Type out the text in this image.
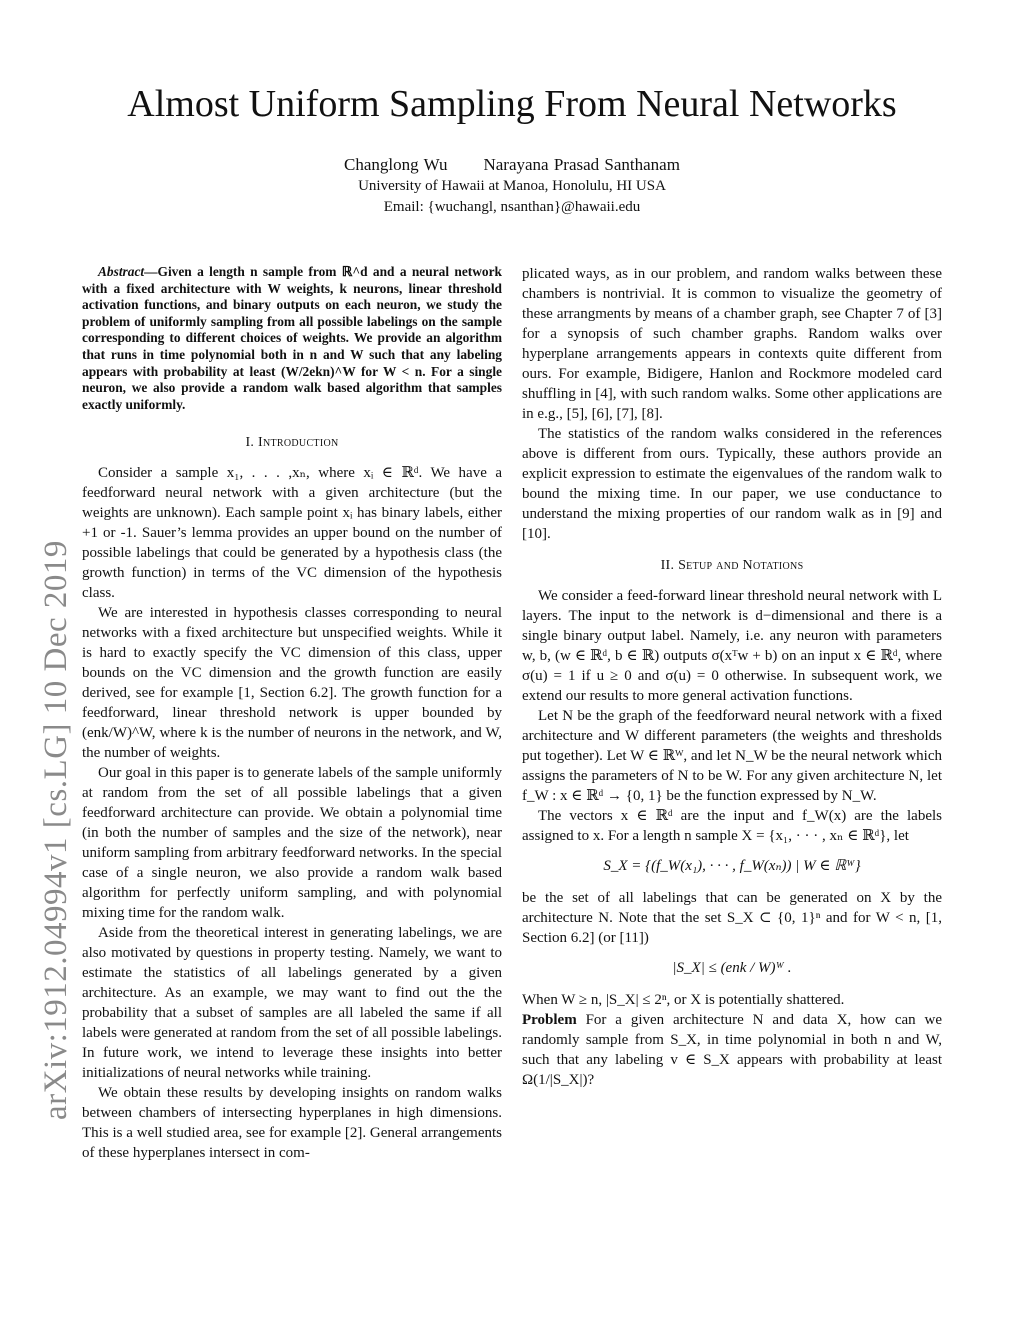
arXiv:1912.04994v1 [cs.LG] 10 Dec 2019
Almost Uniform Sampling From Neural Networks
Changlong Wu Narayana Prasad Santhanam
University of Hawaii at Manoa, Honolulu, HI USA
Email: {wuchangl, nsanthan}@hawaii.edu

Abstract—Given a length n sample from ℝ^d and a neural network with a fixed architecture with W weights, k neurons, linear threshold activation functions, and binary outputs on each neuron, we study the problem of uniformly sampling from all possible labelings on the sample corresponding to different choices of weights. We provide an algorithm that runs in time polynomial both in n and W such that any labeling appears with probability at least (W/2ekn)^W for W < n. For a single neuron, we also provide a random walk based algorithm that samples exactly uniformly.

I. Introduction

Consider a sample x₁, . . . ,xₙ, where xᵢ ∈ ℝᵈ. We have a feedforward neural network with a given architecture (but the weights are unknown). Each sample point xᵢ has binary labels, either +1 or -1. Sauer’s lemma provides an upper bound on the number of possible labelings that could be generated by a hypothesis class (the growth function) in terms of the VC dimension of the hypothesis class.

We are interested in hypothesis classes corresponding to neural networks with a fixed architecture but unspecified weights. While it is hard to exactly specify the VC dimension of this class, upper bounds on the VC dimension and the growth function are easily derived, see for example [1, Section 6.2]. The growth function for a feedforward, linear threshold network is upper bounded by (enk/W)^W, where k is the number of neurons in the network, and W, the number of weights.

Our goal in this paper is to generate labels of the sample uniformly at random from the set of all possible labelings that a given feedforward architecture can provide. We obtain a polynomial time (in both the number of samples and the size of the network), near uniform sampling from arbitrary feedforward networks. In the special case of a single neuron, we also provide a random walk based algorithm for perfectly uniform sampling, and with polynomial mixing time for the random walk.

Aside from the theoretical interest in generating labelings, we are also motivated by questions in property testing. Namely, we want to estimate the statistics of all labelings generated by a given architecture. As an example, we may want to find out the the probability that a subset of samples are all labeled the same if all labels were generated at random from the set of all possible labelings. In future work, we intend to leverage these insights into better initializations of neural networks while training.

We obtain these results by developing insights on random walks between chambers of intersecting hyperplanes in high dimensions. This is a well studied area, see for example [2]. General arrangements of these hyperplanes intersect in com-

plicated ways, as in our problem, and random walks between these chambers is nontrivial. It is common to visualize the geometry of these arrangments by means of a chamber graph, see Chapter 7 of [3] for a synopsis of such chamber graphs. Random walks over hyperplane arrangements appears in contexts quite different from ours. For example, Bidigere, Hanlon and Rockmore modeled card shuffling in [4], with such random walks. Some other applications are in e.g., [5], [6], [7], [8].

The statistics of the random walks considered in the references above is different from ours. Typically, these authors provide an explicit expression to estimate the eigenvalues of the random walk to bound the mixing time. In our paper, we use conductance to understand the mixing properties of our random walk as in [9] and [10].

II. Setup and Notations

We consider a feed-forward linear threshold neural network with L layers. The input to the network is d−dimensional and there is a single binary output label. Namely, i.e. any neuron with parameters w, b, (w ∈ ℝᵈ, b ∈ ℝ) outputs σ(xᵀw + b) on an input x ∈ ℝᵈ, where σ(u) = 1 if u ≥ 0 and σ(u) = 0 otherwise. In subsequent work, we extend our results to more general activation functions.

Let N be the graph of the feedforward neural network with a fixed architecture and W different parameters (the weights and thresholds put together). Let W ∈ ℝᵂ, and let N_W be the neural network which assigns the parameters of N to be W. For any given architecture N, let f_W : x ∈ ℝᵈ → {0, 1} be the function expressed by N_W.

The vectors x ∈ ℝᵈ are the input and f_W(x) are the labels assigned to x. For a length n sample X = {x₁, · · · , xₙ ∈ ℝᵈ}, let

S_X = {(f_W(x₁), · · · , f_W(xₙ)) | W ∈ ℝᵂ}

be the set of all labelings that can be generated on X by the architecture N. Note that the set S_X ⊂ {0, 1}ⁿ and for W < n, [1, Section 6.2] (or [11])

|S_X| ≤ (enk / W)ᵂ .

When W ≥ n, |S_X| ≤ 2ⁿ, or X is potentially shattered.

Problem For a given architecture N and data X, how can we randomly sample from S_X, in time polynomial in both n and W, such that any labeling v ∈ S_X appears with probability at least Ω(1/|S_X|)?
